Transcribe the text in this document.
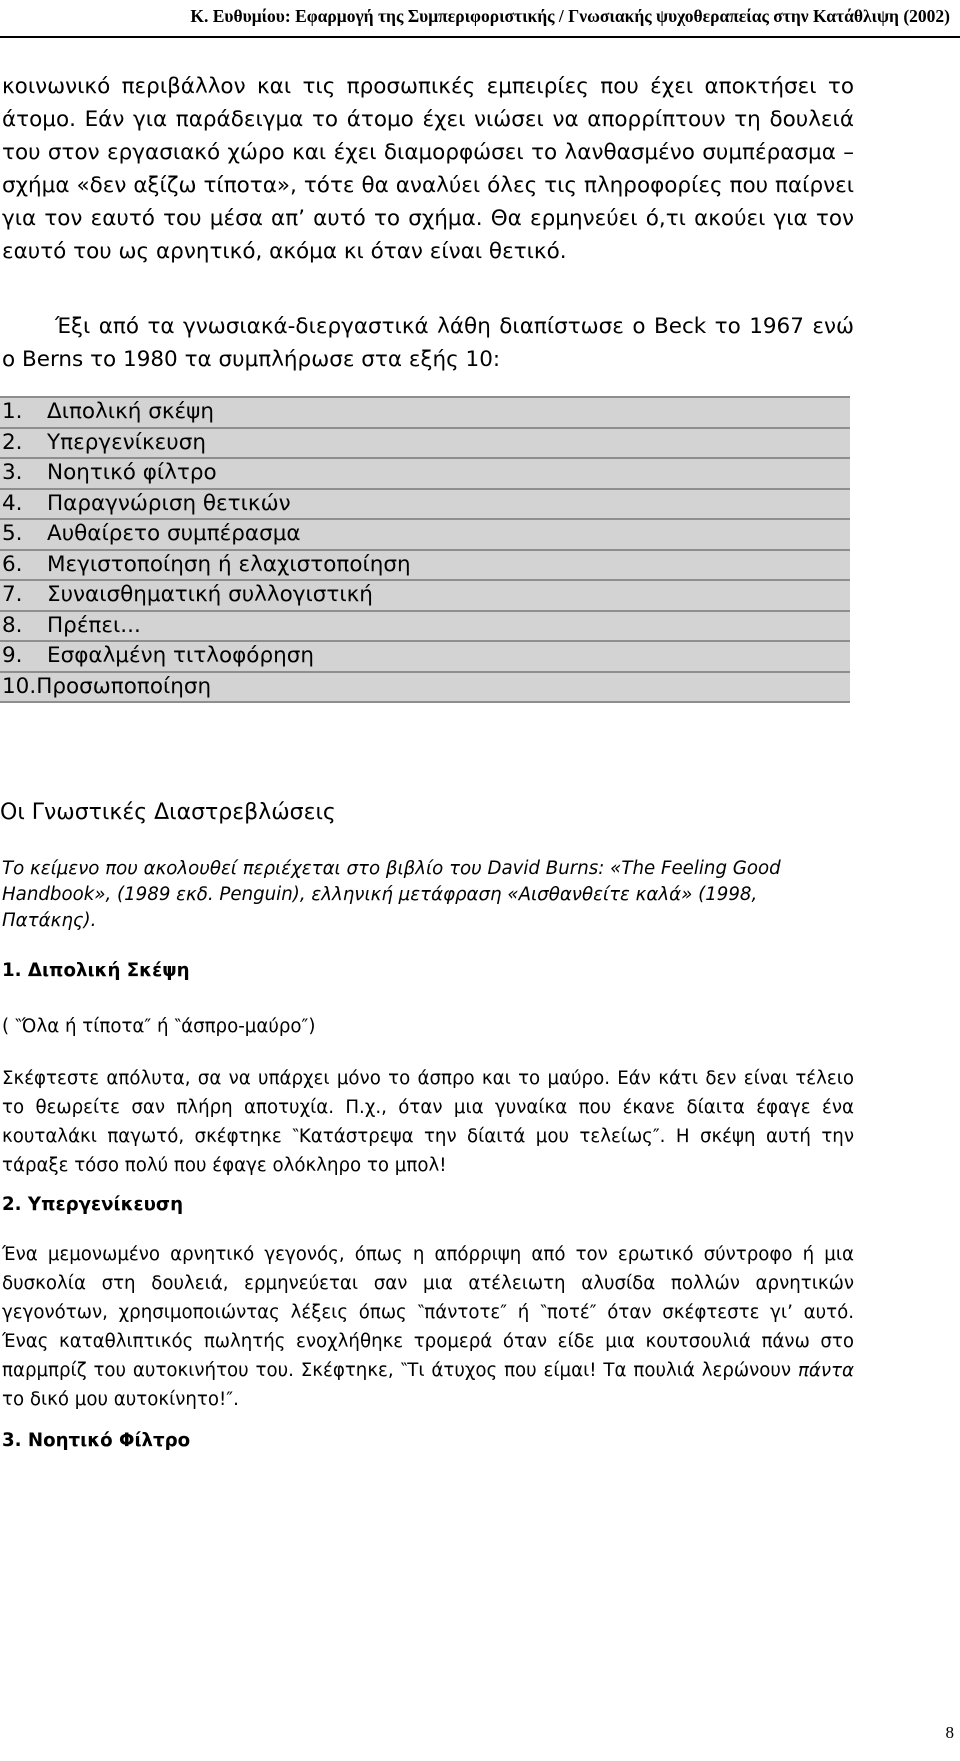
Κ. Ευθυμίου: Εφαρμογή της Συμπεριφοριστικής / Γνωσιακής ψυχοθεραπείας στην Κατάθλιψη (2002)
κοινωνικό περιβάλλον και τις προσωπικές εμπειρίες που έχει αποκτήσει το άτομο. Εάν για παράδειγμα το άτομο έχει νιώσει να απορρίπτουν τη δουλειά του στον εργασιακό χώρο και έχει διαμορφώσει το λανθασμένο συμπέρασμα – σχήμα «δεν αξίζω τίποτα», τότε θα αναλύει όλες τις πληροφορίες που παίρνει για τον εαυτό του μέσα απ’ αυτό το σχήμα. Θα ερμηνεύει ό,τι ακούει για τον εαυτό του ως αρνητικό, ακόμα κι όταν είναι θετικό.
Έξι από τα γνωσιακά-διεργαστικά λάθη διαπίστωσε ο Beck το 1967 ενώ ο Berns το 1980 τα συμπλήρωσε στα εξής 10:
1. Διπολική σκέψη
2. Υπεργενίκευση
3. Νοητικό φίλτρο
4. Παραγνώριση θετικών
5. Αυθαίρετο συμπέρασμα
6. Μεγιστοποίηση ή ελαχιστοποίηση
7. Συναισθηματική συλλογιστική
8. Πρέπει...
9. Εσφαλμένη τιτλοφόρηση
10.Προσωποποίηση
Οι Γνωστικές Διαστρεβλώσεις
Το κείμενο που ακολουθεί περιέχεται στο βιβλίο του David Burns: «The Feeling Good Handbook», (1989 εκδ. Penguin), ελληνική μετάφραση «Αισθανθείτε καλά» (1998, Πατάκης).
1. Διπολική Σκέψη
( ‶Όλα ή τίποτα″ ή ‶άσπρο-μαύρο″)
Σκέφτεστε απόλυτα, σα να υπάρχει μόνο το άσπρο και το μαύρο. Εάν κάτι δεν είναι τέλειο το θεωρείτε σαν πλήρη αποτυχία. Π.χ., όταν μια γυναίκα που έκανε δίαιτα έφαγε ένα κουταλάκι παγωτό, σκέφτηκε ‶Κατάστρεψα την δίαιτά μου τελείως″. Η σκέψη αυτή την τάραξε τόσο πολύ που έφαγε ολόκληρο το μπολ!
2. Υπεργενίκευση
Ένα μεμονωμένο αρνητικό γεγονός, όπως η απόρριψη από τον ερωτικό σύντροφο ή μια δυσκολία στη δουλειά, ερμηνεύεται σαν μια ατέλειωτη αλυσίδα πολλών αρνητικών γεγονότων, χρησιμοποιώντας λέξεις όπως ‶πάντοτε″ ή ‶ποτέ″ όταν σκέφτεστε γι’ αυτό. Ένας καταθλιπτικός πωλητής ενοχλήθηκε τρομερά όταν είδε μια κουτσουλιά πάνω στο παρμπρίζ του αυτοκινήτου του. Σκέφτηκε, ‶Τι άτυχος που είμαι! Τα πουλιά λερώνουν πάντα το δικό μου αυτοκίνητο!″.
3. Νοητικό Φίλτρο
8
